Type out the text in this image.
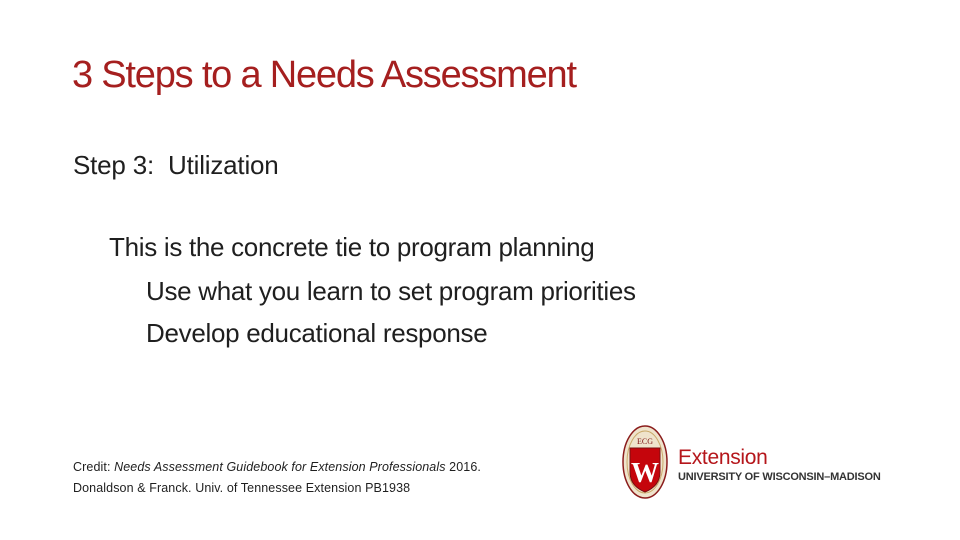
3 Steps to a Needs Assessment
Step 3:  Utilization

This is the concrete tie to program planning

Use what you learn to set program priorities

Develop educational response

Credit: Needs Assessment Guidebook for Extension Professionals 2016.
Donaldson & Franck. Univ. of Tennessee Extension PB1938	W
ECG
Extension
UNIVERSITY OF WISCONSIN–MADISON
